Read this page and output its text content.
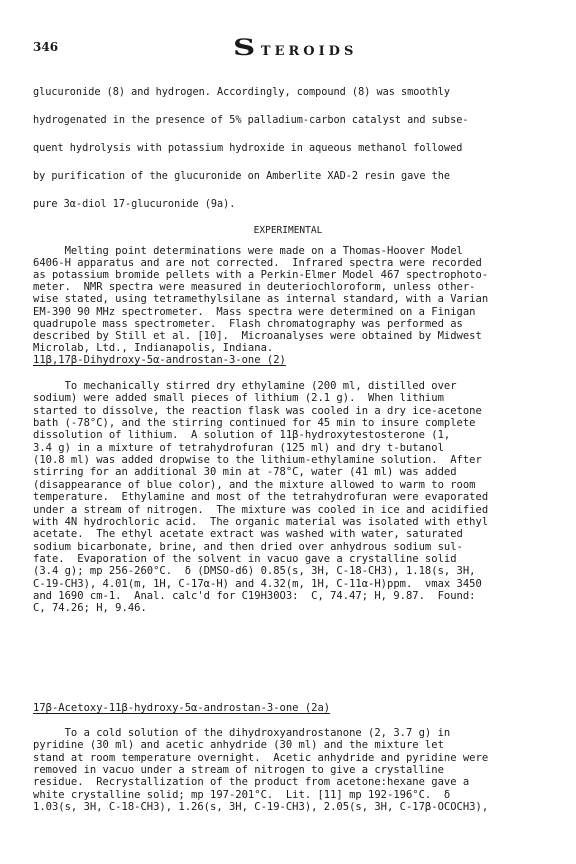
346	S TEROIDS
glucuronide (8) and hydrogen. Accordingly, compound (8) was smoothly
hydrogenated in the presence of 5% palladium-carbon catalyst and subse-
quent hydrolysis with potassium hydroxide in aqueous methanol followed
by purification of the glucuronide on Amberlite XAD-2 resin gave the
pure 3α-diol 17-glucuronide (9a).
EXPERIMENTAL
Melting point determinations were made on a Thomas-Hoover Model
6406-H apparatus and are not corrected.  Infrared spectra were recorded
as potassium bromide pellets with a Perkin-Elmer Model 467 spectrophoto-
meter.  NMR spectra were measured in deuteriochloroform, unless other-
wise stated, using tetramethylsilane as internal standard, with a Varian
EM-390 90 MHz spectrometer.  Mass spectra were determined on a Finigan
quadrupole mass spectrometer.  Flash chromatography was performed as
described by Still et al. [10].  Microanalyses were obtained by Midwest
Microlab, Ltd., Indianapolis, Indiana.
11β,17β-Dihydroxy-5α-androstan-3-one (2)
To mechanically stirred dry ethylamine (200 ml, distilled over
sodium) were added small pieces of lithium (2.1 g).  When lithium
started to dissolve, the reaction flask was cooled in a dry ice-acetone
bath (-78°C), and the stirring continued for 45 min to insure complete
dissolution of lithium.  A solution of 11β-hydroxytestosterone (1,
3.4 g) in a mixture of tetrahydrofuran (125 ml) and dry t-butanol
(10.8 ml) was added dropwise to the lithium-ethylamine solution.  After
stirring for an additional 30 min at -78°C, water (41 ml) was added
(disappearance of blue color), and the mixture allowed to warm to room
temperature.  Ethylamine and most of the tetrahydrofuran were evaporated
under a stream of nitrogen.  The mixture was cooled in ice and acidified
with 4N hydrochloric acid.  The organic material was isolated with ethyl
acetate.  The ethyl acetate extract was washed with water, saturated
sodium bicarbonate, brine, and then dried over anhydrous sodium sul-
fate.  Evaporation of the solvent in vacuo gave a crystalline solid
(3.4 g); mp 256-260°C.  δ (DMSO-d6) 0.85(s, 3H, C-18-CH3), 1.18(s, 3H,
C-19-CH3), 4.01(m, 1H, C-17α-H) and 4.32(m, 1H, C-11α-H)ppm.  νmax 3450
and 1690 cm-1.  Anal. calc'd for C19H30O3:  C, 74.47; H, 9.87.  Found:
C, 74.26; H, 9.46.
17β-Acetoxy-11β-hydroxy-5α-androstan-3-one (2a)
To a cold solution of the dihydroxyandrostanone (2, 3.7 g) in
pyridine (30 ml) and acetic anhydride (30 ml) and the mixture let
stand at room temperature overnight.  Acetic anhydride and pyridine were
removed in vacuo under a stream of nitrogen to give a crystalline
residue.  Recrystallization of the product from acetone:hexane gave a
white crystalline solid; mp 197-201°C.  Lit. [11] mp 192-196°C.  δ
1.03(s, 3H, C-18-CH3), 1.26(s, 3H, C-19-CH3), 2.05(s, 3H, C-17β-OCOCH3),
